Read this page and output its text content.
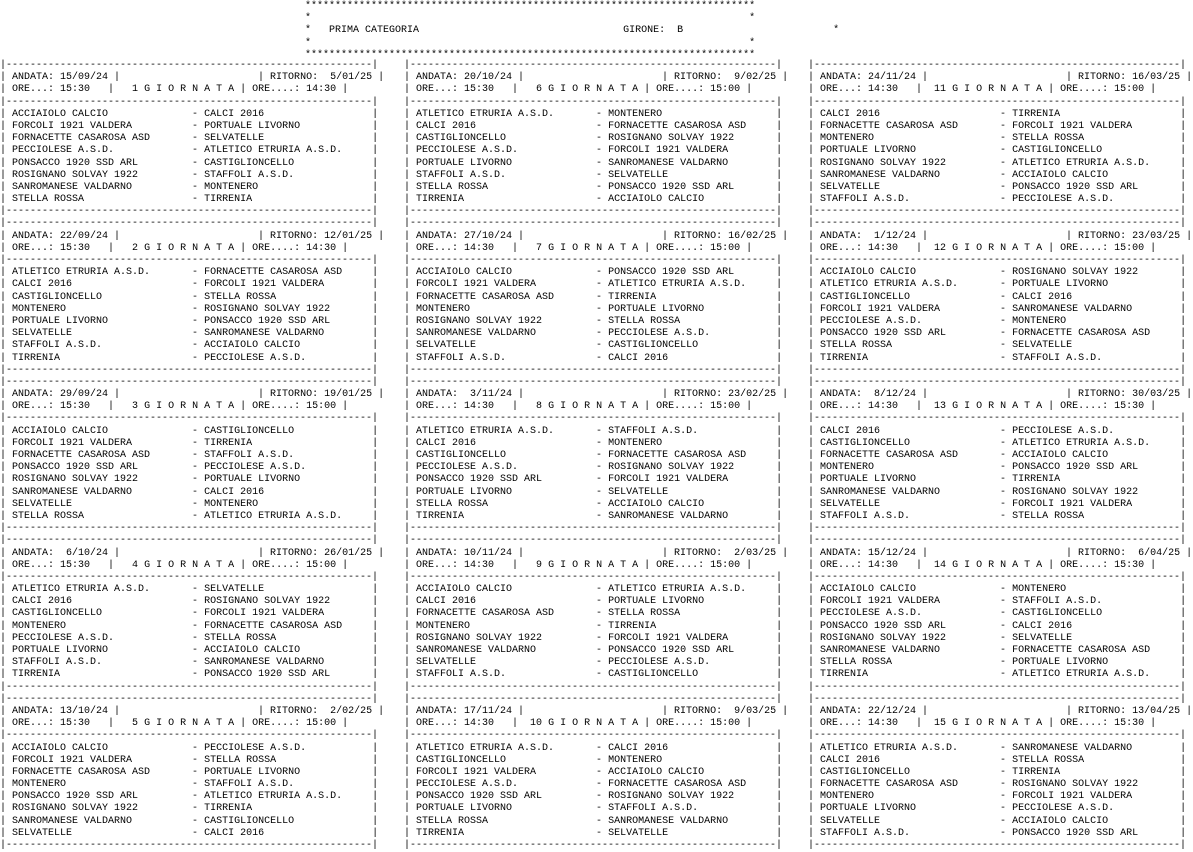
***************************************************************************
*                                                                         *
*   PRIMA CATEGORIA	GIRONE: B                         *
*                                                                         *
***************************************************************************
|-------------------------------------------------------------|
| ANDATA: 15/09/24 |                       | RITORNO:  5/01/25 |
| ORE...: 15:30   |   1 G I O R N A T A | ORE....: 14:30 |
|-------------------------------------------------------------|
| ACCIAIOLO CALCIO              - CALCI 2016                  |
| FORCOLI 1921 VALDERA          - PORTUALE LIVORNO            |
| FORNACETTE CASAROSA ASD       - SELVATELLE                  |
| PECCIOLESE A.S.D.             - ATLETICO ETRURIA A.S.D.     |
| PONSACCO 1920 SSD ARL         - CASTIGLIONCELLO             |
| ROSIGNANO SOLVAY 1922         - STAFFOLI A.S.D.             |
| SANROMANESE VALDARNO          - MONTENERO                   |
| STELLA ROSSA                  - TIRRENIA                    |
|-------------------------------------------------------------|
|-------------------------------------------------------------|
| ANDATA: 22/09/24 |                       | RITORNO: 12/01/25 |
| ORE...: 15:30   |   2 G I O R N A T A | ORE....: 14:30 |
|-------------------------------------------------------------|
| ATLETICO ETRURIA A.S.D.       - FORNACETTE CASAROSA ASD     |
| CALCI 2016                    - FORCOLI 1921 VALDERA        |
| CASTIGLIONCELLO               - STELLA ROSSA                |
| MONTENERO                     - ROSIGNANO SOLVAY 1922       |
| PORTUALE LIVORNO              - PONSACCO 1920 SSD ARL       |
| SELVATELLE                    - SANROMANESE VALDARNO        |
| STAFFOLI A.S.D.               - ACCIAIOLO CALCIO            |
| TIRRENIA                      - PECCIOLESE A.S.D.           |
|-------------------------------------------------------------|
|-------------------------------------------------------------|
| ANDATA: 29/09/24 |                       | RITORNO: 19/01/25 |
| ORE...: 15:30   |   3 G I O R N A T A | ORE....: 15:00 |
|-------------------------------------------------------------|
| ACCIAIOLO CALCIO              - CASTIGLIONCELLO             |
| FORCOLI 1921 VALDERA          - TIRRENIA                    |
| FORNACETTE CASAROSA ASD       - STAFFOLI A.S.D.             |
| PONSACCO 1920 SSD ARL         - PECCIOLESE A.S.D.           |
| ROSIGNANO SOLVAY 1922         - PORTUALE LIVORNO            |
| SANROMANESE VALDARNO          - CALCI 2016                  |
| SELVATELLE                    - MONTENERO                   |
| STELLA ROSSA                  - ATLETICO ETRURIA A.S.D.     |
|-------------------------------------------------------------|
|-------------------------------------------------------------|
| ANDATA:  6/10/24 |                       | RITORNO: 26/01/25 |
| ORE...: 15:30   |   4 G I O R N A T A | ORE....: 15:00 |
|-------------------------------------------------------------|
| ATLETICO ETRURIA A.S.D.       - SELVATELLE                  |
| CALCI 2016                    - ROSIGNANO SOLVAY 1922       |
| CASTIGLIONCELLO               - FORCOLI 1921 VALDERA        |
| MONTENERO                     - FORNACETTE CASAROSA ASD     |
| PECCIOLESE A.S.D.             - STELLA ROSSA                |
| PORTUALE LIVORNO              - ACCIAIOLO CALCIO            |
| STAFFOLI A.S.D.               - SANROMANESE VALDARNO        |
| TIRRENIA                      - PONSACCO 1920 SSD ARL       |
|-------------------------------------------------------------|
|-------------------------------------------------------------|
| ANDATA: 13/10/24 |                       | RITORNO:  2/02/25 |
| ORE...: 15:30   |   5 G I O R N A T A | ORE....: 15:00 |
|-------------------------------------------------------------|
| ACCIAIOLO CALCIO              - PECCIOLESE A.S.D.           |
| FORCOLI 1921 VALDERA          - STELLA ROSSA                |
| FORNACETTE CASAROSA ASD       - PORTUALE LIVORNO            |
| MONTENERO                     - STAFFOLI A.S.D.             |
| PONSACCO 1920 SSD ARL         - ATLETICO ETRURIA A.S.D.     |
| ROSIGNANO SOLVAY 1922         - TIRRENIA                    |
| SANROMANESE VALDARNO          - CASTIGLIONCELLO             |
| SELVATELLE                    - CALCI 2016                  |
|-------------------------------------------------------------|
|-------------------------------------------------------------|
| ANDATA: 20/10/24 |                       | RITORNO:  9/02/25 |
| ORE...: 15:30   |   6 G I O R N A T A | ORE....: 15:00 |
|-------------------------------------------------------------|
| ATLETICO ETRURIA A.S.D.       - MONTENERO                   |
| CALCI 2016                    - FORNACETTE CASAROSA ASD     |
| CASTIGLIONCELLO               - ROSIGNANO SOLVAY 1922       |
| PECCIOLESE A.S.D.             - FORCOLI 1921 VALDERA        |
| PORTUALE LIVORNO              - SANROMANESE VALDARNO        |
| STAFFOLI A.S.D.               - SELVATELLE                  |
| STELLA ROSSA                  - PONSACCO 1920 SSD ARL       |
| TIRRENIA                      - ACCIAIOLO CALCIO            |
|-------------------------------------------------------------|
|-------------------------------------------------------------|
| ANDATA: 27/10/24 |                       | RITORNO: 16/02/25 |
| ORE...: 14:30   |   7 G I O R N A T A | ORE....: 15:00 |
|-------------------------------------------------------------|
| ACCIAIOLO CALCIO              - PONSACCO 1920 SSD ARL       |
| FORCOLI 1921 VALDERA          - ATLETICO ETRURIA A.S.D.     |
| FORNACETTE CASAROSA ASD       - TIRRENIA                    |
| MONTENERO                     - PORTUALE LIVORNO            |
| ROSIGNANO SOLVAY 1922         - STELLA ROSSA                |
| SANROMANESE VALDARNO          - PECCIOLESE A.S.D.           |
| SELVATELLE                    - CASTIGLIONCELLO             |
| STAFFOLI A.S.D.               - CALCI 2016                  |
|-------------------------------------------------------------|
|-------------------------------------------------------------|
| ANDATA:  3/11/24 |                       | RITORNO: 23/02/25 |
| ORE...: 14:30   |   8 G I O R N A T A | ORE....: 15:00 |
|-------------------------------------------------------------|
| ATLETICO ETRURIA A.S.D.       - STAFFOLI A.S.D.             |
| CALCI 2016                    - MONTENERO                   |
| CASTIGLIONCELLO               - FORNACETTE CASAROSA ASD     |
| PECCIOLESE A.S.D.             - ROSIGNANO SOLVAY 1922       |
| PONSACCO 1920 SSD ARL         - FORCOLI 1921 VALDERA        |
| PORTUALE LIVORNO              - SELVATELLE                  |
| STELLA ROSSA                  - ACCIAIOLO CALCIO            |
| TIRRENIA                      - SANROMANESE VALDARNO        |
|-------------------------------------------------------------|
|-------------------------------------------------------------|
| ANDATA: 10/11/24 |                       | RITORNO:  2/03/25 |
| ORE...: 14:30   |   9 G I O R N A T A | ORE....: 15:00 |
|-------------------------------------------------------------|
| ACCIAIOLO CALCIO              - ATLETICO ETRURIA A.S.D.     |
| CALCI 2016                    - PORTUALE LIVORNO            |
| FORNACETTE CASAROSA ASD       - STELLA ROSSA                |
| MONTENERO                     - TIRRENIA                    |
| ROSIGNANO SOLVAY 1922         - FORCOLI 1921 VALDERA        |
| SANROMANESE VALDARNO          - PONSACCO 1920 SSD ARL       |
| SELVATELLE                    - PECCIOLESE A.S.D.           |
| STAFFOLI A.S.D.               - CASTIGLIONCELLO             |
|-------------------------------------------------------------|
|-------------------------------------------------------------|
| ANDATA: 17/11/24 |                       | RITORNO:  9/03/25 |
| ORE...: 14:30   |  10 G I O R N A T A | ORE....: 15:00 |
|-------------------------------------------------------------|
| ATLETICO ETRURIA A.S.D.       - CALCI 2016                  |
| CASTIGLIONCELLO               - MONTENERO                   |
| FORCOLI 1921 VALDERA          - ACCIAIOLO CALCIO            |
| PECCIOLESE A.S.D.             - FORNACETTE CASAROSA ASD     |
| PONSACCO 1920 SSD ARL         - ROSIGNANO SOLVAY 1922       |
| PORTUALE LIVORNO              - STAFFOLI A.S.D.             |
| STELLA ROSSA                  - SANROMANESE VALDARNO        |
| TIRRENIA                      - SELVATELLE                  |
|-------------------------------------------------------------|
|-------------------------------------------------------------|
| ANDATA: 24/11/24 |                       | RITORNO: 16/03/25 |
| ORE...: 14:30   |  11 G I O R N A T A | ORE....: 15:00 |
|-------------------------------------------------------------|
| CALCI 2016                    - TIRRENIA                    |
| FORNACETTE CASAROSA ASD       - FORCOLI 1921 VALDERA        |
| MONTENERO                     - STELLA ROSSA                |
| PORTUALE LIVORNO              - CASTIGLIONCELLO             |
| ROSIGNANO SOLVAY 1922         - ATLETICO ETRURIA A.S.D.     |
| SANROMANESE VALDARNO          - ACCIAIOLO CALCIO            |
| SELVATELLE                    - PONSACCO 1920 SSD ARL       |
| STAFFOLI A.S.D.               - PECCIOLESE A.S.D.           |
|-------------------------------------------------------------|
|-------------------------------------------------------------|
| ANDATA:  1/12/24 |                       | RITORNO: 23/03/25 |
| ORE...: 14:30   |  12 G I O R N A T A | ORE....: 15:00 |
|-------------------------------------------------------------|
| ACCIAIOLO CALCIO              - ROSIGNANO SOLVAY 1922       |
| ATLETICO ETRURIA A.S.D.       - PORTUALE LIVORNO            |
| CASTIGLIONCELLO               - CALCI 2016                  |
| FORCOLI 1921 VALDERA          - SANROMANESE VALDARNO        |
| PECCIOLESE A.S.D.             - MONTENERO                   |
| PONSACCO 1920 SSD ARL         - FORNACETTE CASAROSA ASD     |
| STELLA ROSSA                  - SELVATELLE                  |
| TIRRENIA                      - STAFFOLI A.S.D.             |
|-------------------------------------------------------------|
|-------------------------------------------------------------|
| ANDATA:  8/12/24 |                       | RITORNO: 30/03/25 |
| ORE...: 14:30   |  13 G I O R N A T A | ORE....: 15:30 |
|-------------------------------------------------------------|
| CALCI 2016                    - PECCIOLESE A.S.D.           |
| CASTIGLIONCELLO               - ATLETICO ETRURIA A.S.D.     |
| FORNACETTE CASAROSA ASD       - ACCIAIOLO CALCIO            |
| MONTENERO                     - PONSACCO 1920 SSD ARL       |
| PORTUALE LIVORNO              - TIRRENIA                    |
| SANROMANESE VALDARNO          - ROSIGNANO SOLVAY 1922       |
| SELVATELLE                    - FORCOLI 1921 VALDERA        |
| STAFFOLI A.S.D.               - STELLA ROSSA                |
|-------------------------------------------------------------|
|-------------------------------------------------------------|
| ANDATA: 15/12/24 |                       | RITORNO:  6/04/25 |
| ORE...: 14:30   |  14 G I O R N A T A | ORE....: 15:30 |
|-------------------------------------------------------------|
| ACCIAIOLO CALCIO              - MONTENERO                   |
| FORCOLI 1921 VALDERA          - STAFFOLI A.S.D.             |
| PECCIOLESE A.S.D.             - CASTIGLIONCELLO             |
| PONSACCO 1920 SSD ARL         - CALCI 2016                  |
| ROSIGNANO SOLVAY 1922         - SELVATELLE                  |
| SANROMANESE VALDARNO          - FORNACETTE CASAROSA ASD     |
| STELLA ROSSA                  - PORTUALE LIVORNO            |
| TIRRENIA                      - ATLETICO ETRURIA A.S.D.     |
|-------------------------------------------------------------|
|-------------------------------------------------------------|
| ANDATA: 22/12/24 |                       | RITORNO: 13/04/25 |
| ORE...: 14:30   |  15 G I O R N A T A | ORE....: 15:30 |
|-------------------------------------------------------------|
| ATLETICO ETRURIA A.S.D.       - SANROMANESE VALDARNO        |
| CALCI 2016                    - STELLA ROSSA                |
| CASTIGLIONCELLO               - TIRRENIA                    |
| FORNACETTE CASAROSA ASD       - ROSIGNANO SOLVAY 1922       |
| MONTENERO                     - FORCOLI 1921 VALDERA        |
| PORTUALE LIVORNO              - PECCIOLESE A.S.D.           |
| SELVATELLE                    - ACCIAIOLO CALCIO            |
| STAFFOLI A.S.D.               - PONSACCO 1920 SSD ARL       |
|-------------------------------------------------------------|
